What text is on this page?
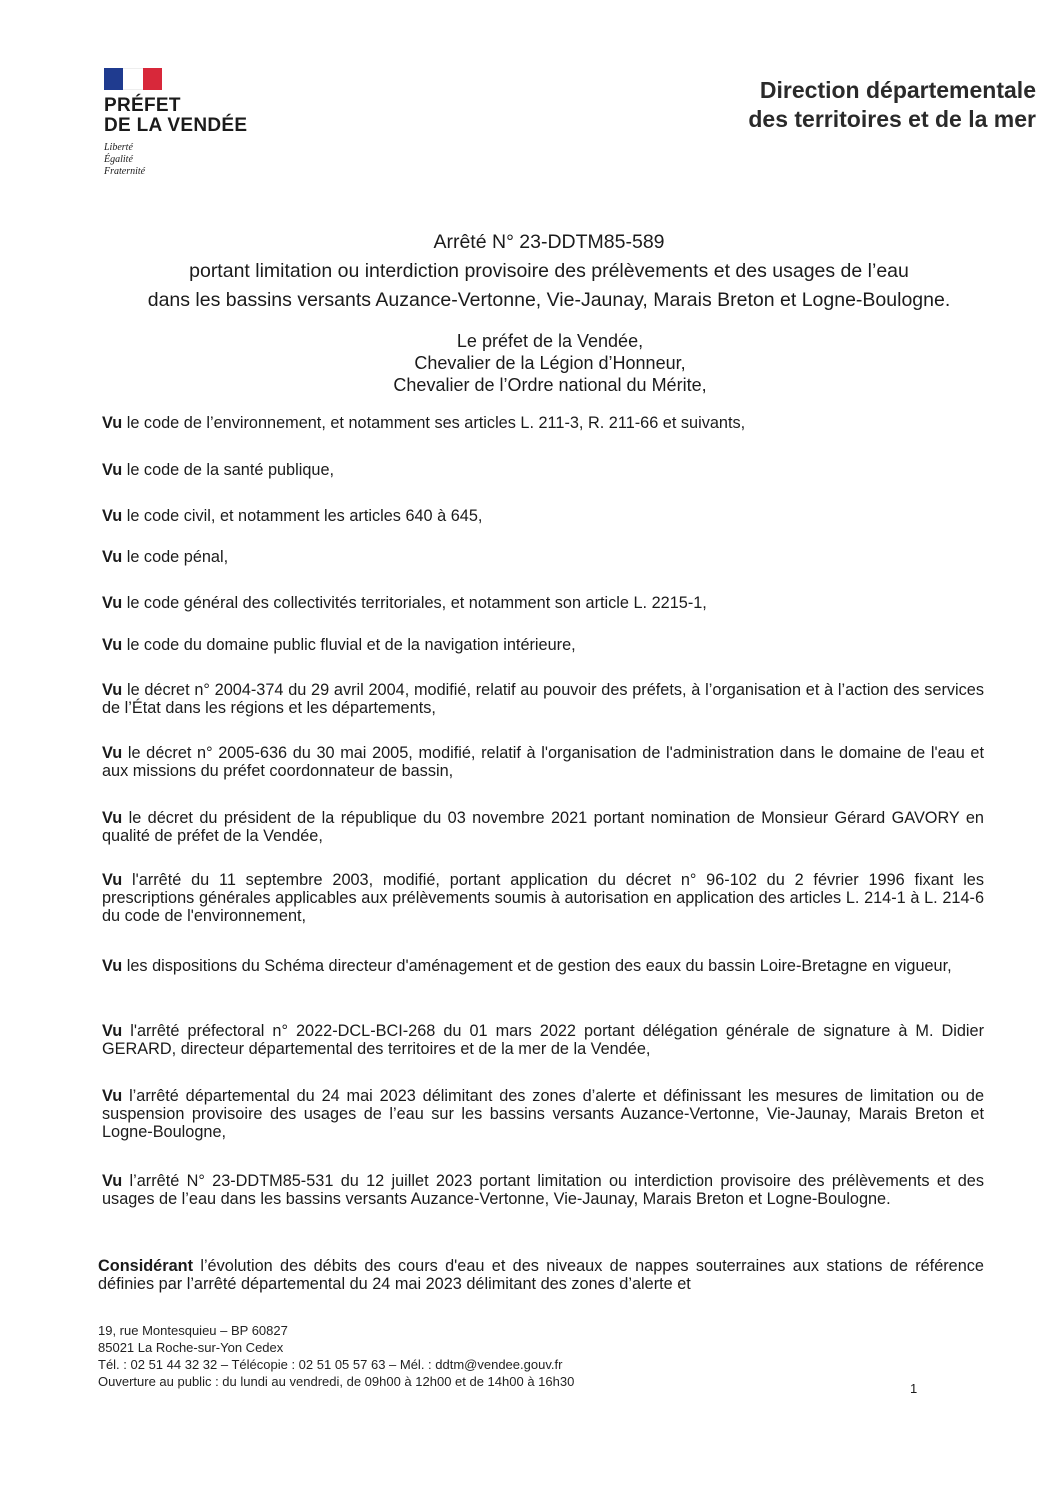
PRÉFET
DE LA VENDÉE
Liberté
Égalité
Fraternité
Direction départementale
des territoires et de la mer
Arrêté N° 23-DDTM85-589
portant limitation ou interdiction provisoire des prélèvements et des usages de l’eau
dans les bassins versants Auzance-Vertonne, Vie-Jaunay, Marais Breton et Logne-Boulogne.
Le préfet de la Vendée,
Chevalier de la Légion d’Honneur,
Chevalier de l’Ordre national du Mérite,

Vu le code de l’environnement, et notamment ses articles L. 211-3, R. 211-66 et suivants,

Vu le code de la santé publique,

Vu le code civil, et notamment les articles 640 à 645,

Vu le code pénal,

Vu le code général des collectivités territoriales, et notamment son article L. 2215-1,

Vu le code du domaine public fluvial et de la navigation intérieure,

Vu le décret n° 2004-374 du 29 avril 2004, modifié, relatif au pouvoir des préfets, à l’organisation et à l’action des services de l’État dans les régions et les départements,

Vu le décret n° 2005-636 du 30 mai 2005, modifié, relatif à l'organisation de l'administration dans le domaine de l'eau et aux missions du préfet coordonnateur de bassin,

Vu le décret du président de la république du 03 novembre 2021 portant nomination de Monsieur Gérard GAVORY en qualité de préfet de la Vendée,

Vu l'arrêté du 11 septembre 2003, modifié, portant application du décret n° 96-102 du 2 février 1996 fixant les prescriptions générales applicables aux prélèvements soumis à autorisation en application des articles L. 214-1 à L. 214-6 du code de l'environnement,

Vu les dispositions du Schéma directeur d'aménagement et de gestion des eaux du bassin Loire-Bretagne en vigueur,

Vu l'arrêté préfectoral n° 2022-DCL-BCI-268 du 01 mars 2022 portant délégation générale de signature à M. Didier GERARD, directeur départemental des territoires et de la mer de la Vendée,

Vu l’arrêté départemental du 24 mai 2023 délimitant des zones d’alerte et définissant les mesures de limitation ou de suspension provisoire des usages de l’eau sur les bassins versants Auzance-Vertonne, Vie-Jaunay, Marais Breton et Logne-Boulogne,

Vu l’arrêté N° 23-DDTM85-531 du 12 juillet 2023 portant limitation ou interdiction provisoire des prélèvements et des usages de l’eau dans les bassins versants Auzance-Vertonne, Vie-Jaunay, Marais Breton et Logne-Boulogne.

Considérant l’évolution des débits des cours d'eau et des niveaux de nappes souterraines aux stations de référence définies par l’arrêté départemental du 24 mai 2023 délimitant des zones d’alerte et

19, rue Montesquieu – BP 60827
85021 La Roche-sur-Yon Cedex
Tél. : 02 51 44 32 32 – Télécopie : 02 51 05 57 63 – Mél. : ddtm@vendee.gouv.fr
Ouverture au public : du lundi au vendredi, de 09h00 à 12h00 et de 14h00 à 16h30	1
